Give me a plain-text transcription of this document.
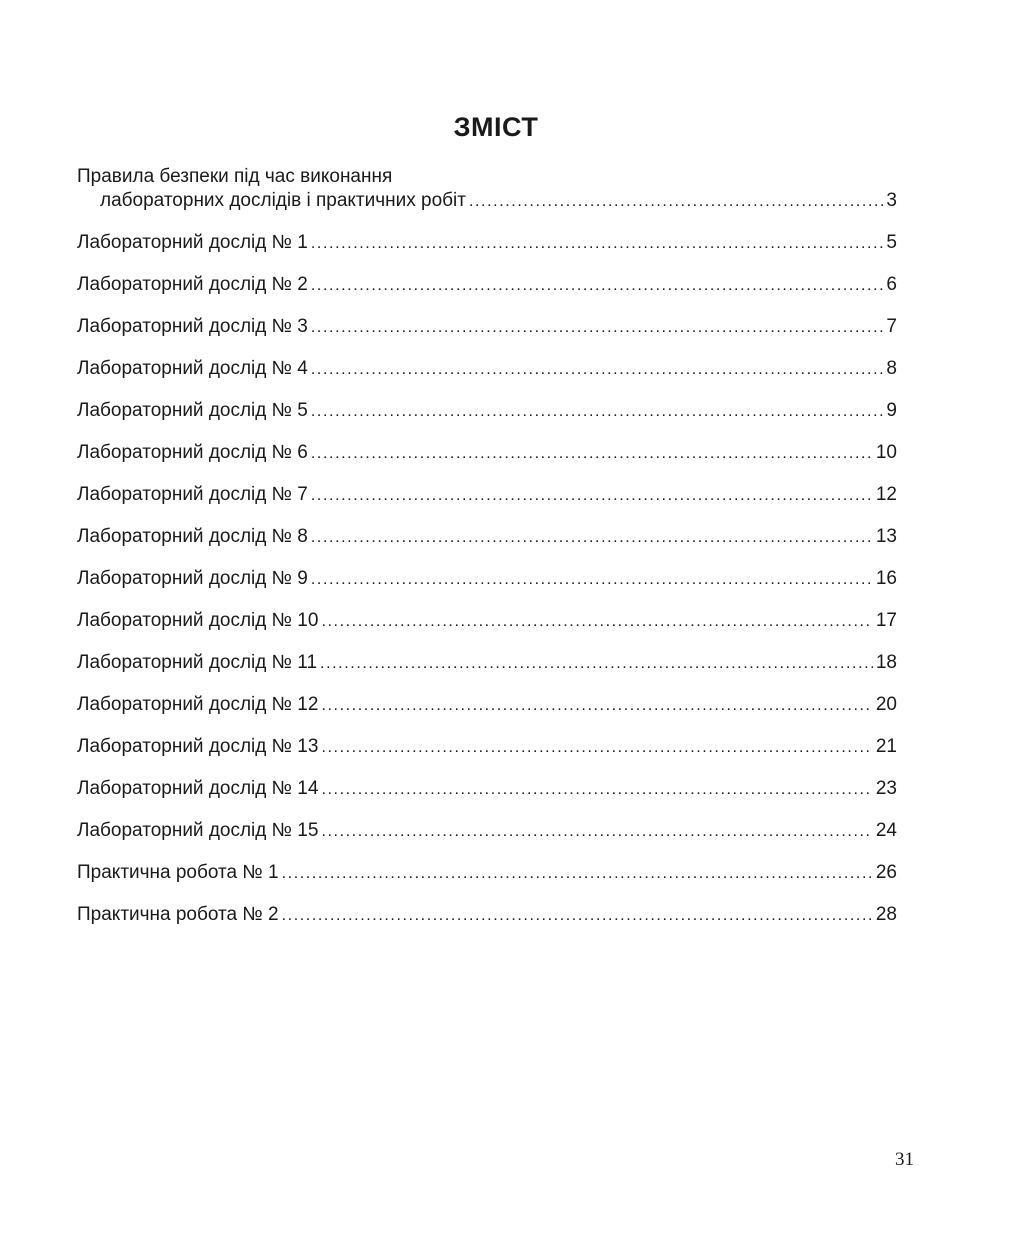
ЗМІСТ
Правила безпеки під час виконання
лабораторних дослідів і практичних робіт .....	3
Лабораторний дослід № 1 .....	5
Лабораторний дослід № 2 .....	6
Лабораторний дослід № 3 .....	7
Лабораторний дослід № 4 .....	8
Лабораторний дослід № 5 .....	9
Лабораторний дослід № 6 .....	10
Лабораторний дослід № 7 .....	12
Лабораторний дослід № 8 .....	13
Лабораторний дослід № 9 .....	16
Лабораторний дослід № 10 .....	17
Лабораторний дослід № 11 .....	18
Лабораторний дослід № 12 .....	20
Лабораторний дослід № 13 .....	21
Лабораторний дослід № 14 .....	23
Лабораторний дослід № 15 .....	24
Практична робота № 1 .....	26
Практична робота № 2 .....	28
31
